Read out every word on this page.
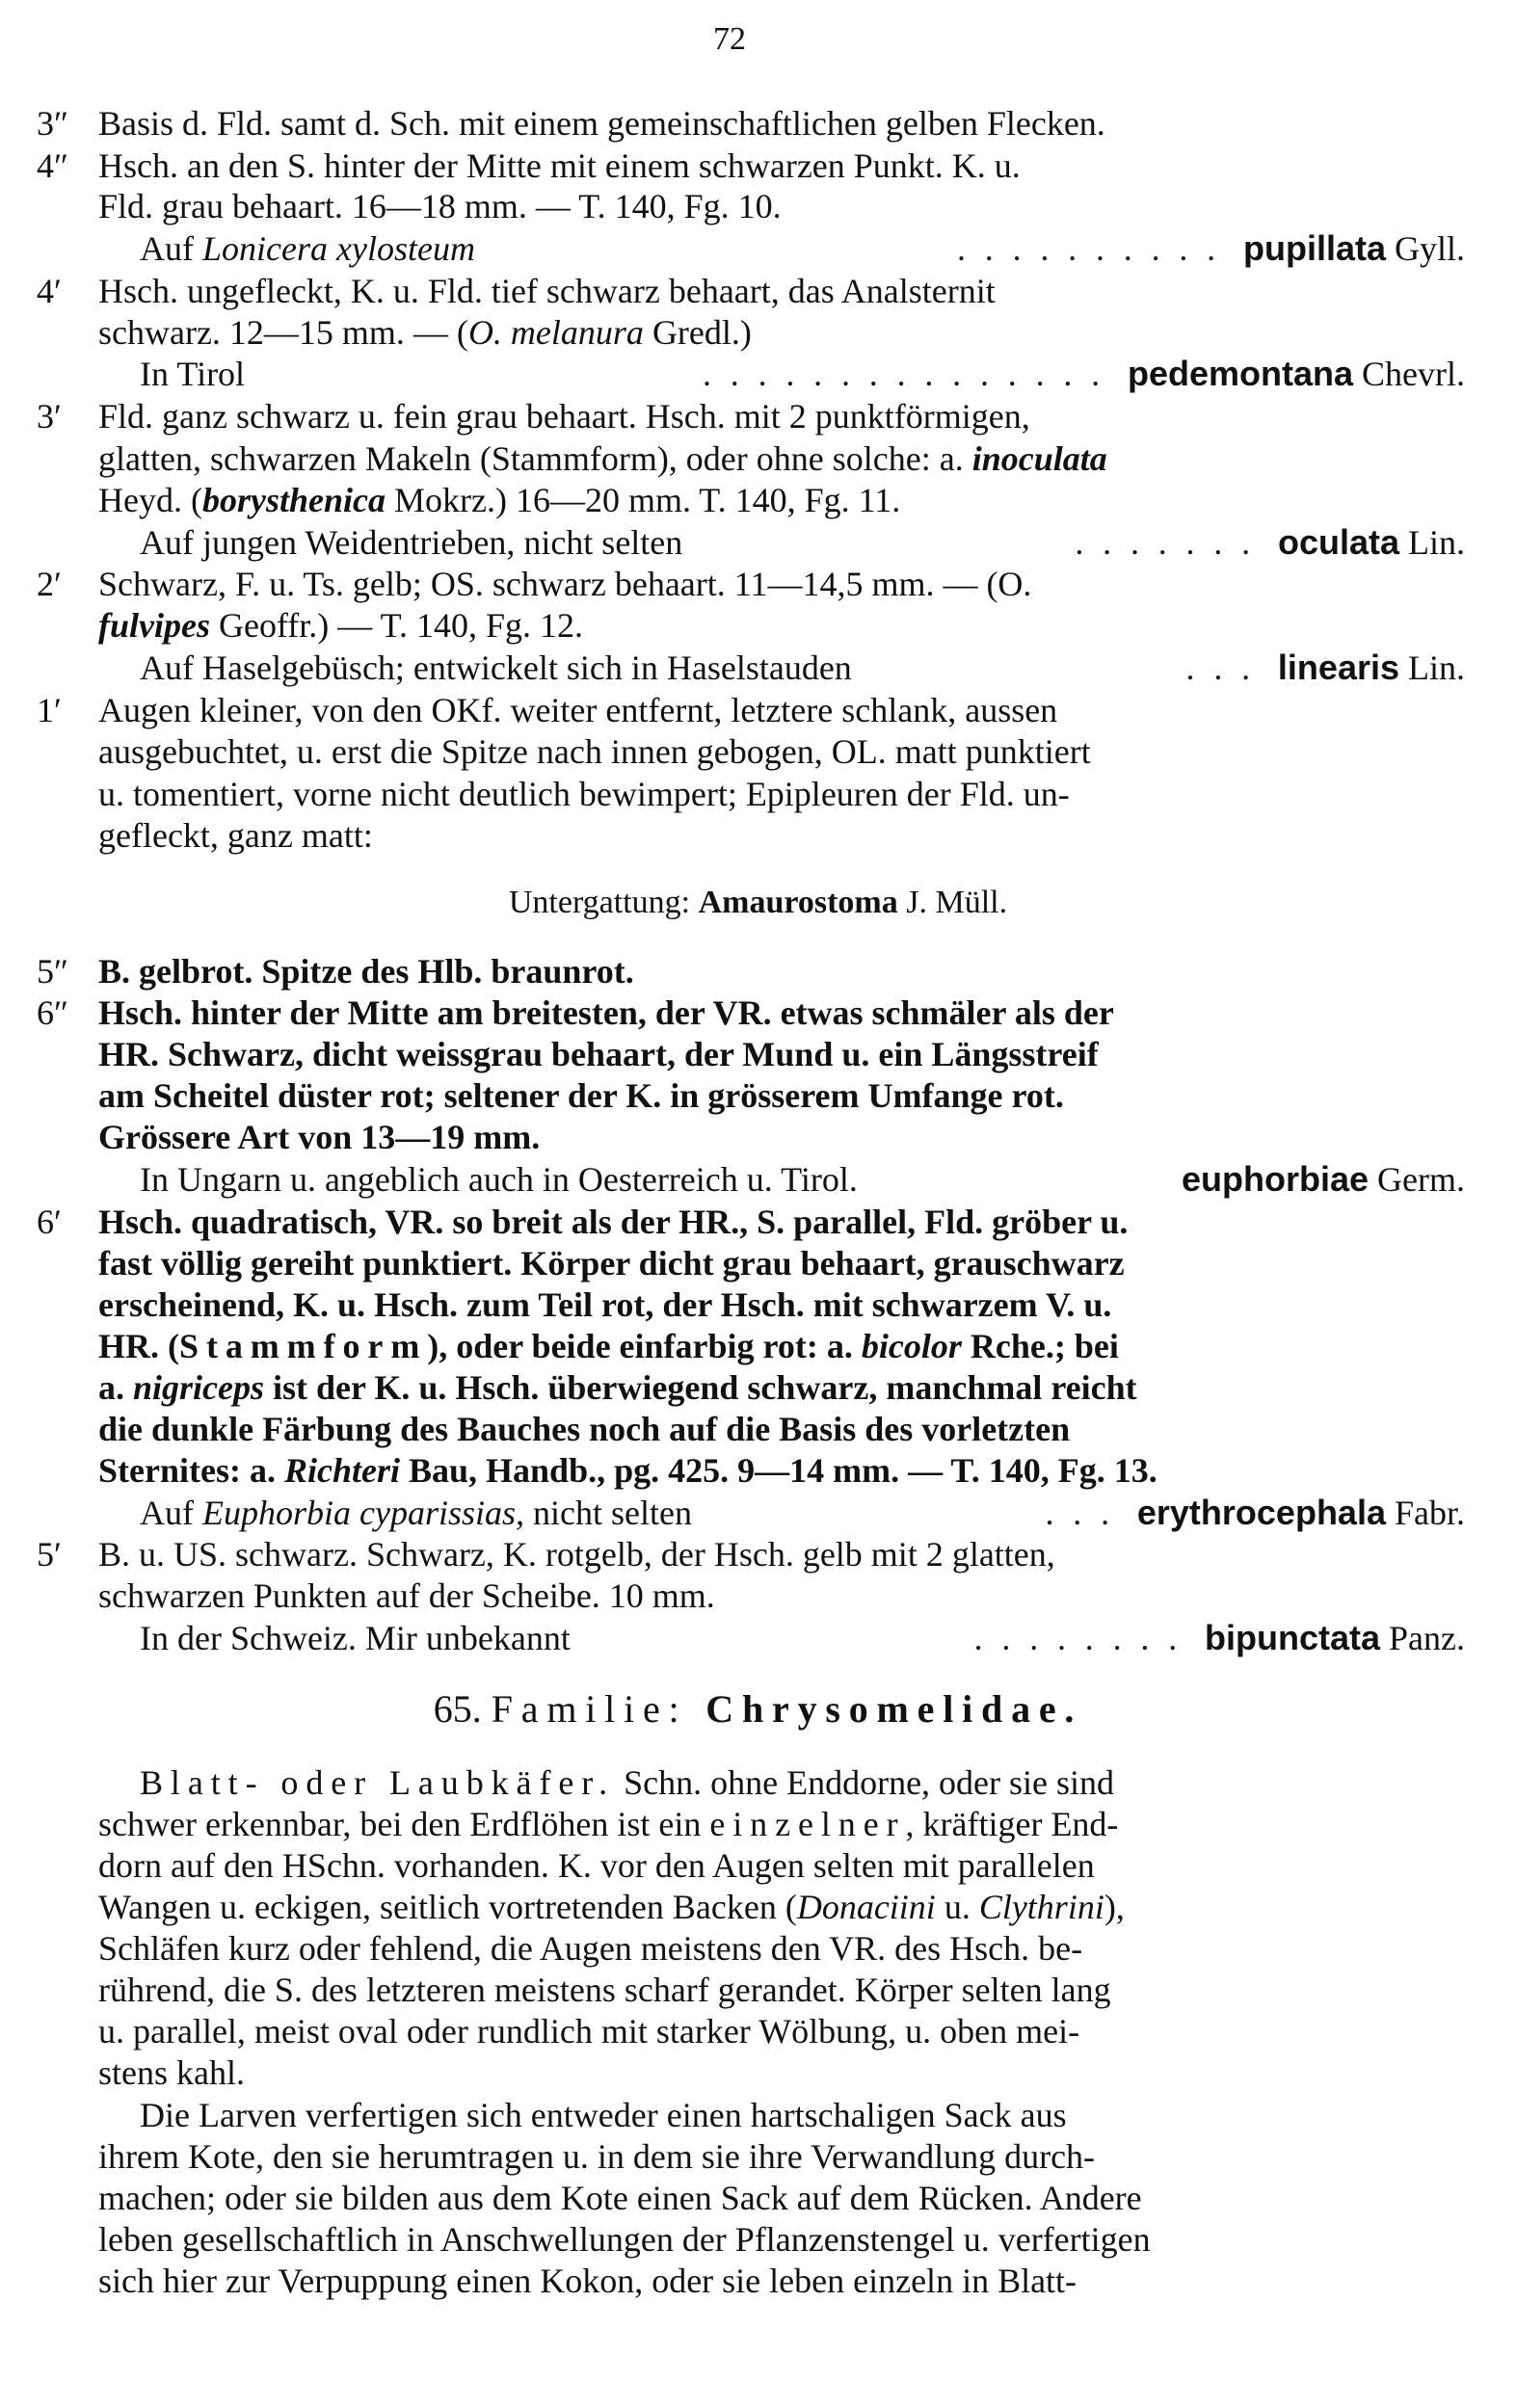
72
3″ Basis d. Fld. samt d. Sch. mit einem gemeinschaftlichen gelben Flecken.
4″ Hsch. an den S. hinter der Mitte mit einem schwarzen Punkt. K. u.
Fld. grau behaart. 16—18 mm. — T. 140, Fg. 10.
Auf Lonicera xylosteum	.......... pupillata Gyll.
4′	Hsch. ungefleckt, K. u. Fld. tief schwarz behaart, das Analsternit
schwarz. 12—15 mm. — (O. melanura Gredl.)
In Tirol	............... pedemontana Chevrl.
3′	Fld. ganz schwarz u. fein grau behaart. Hsch. mit 2 punktförmigen,
glatten, schwarzen Makeln (Stammform), oder ohne solche: a. inoculata
Heyd. (borysthenica Mokrz.) 16—20 mm. T. 140, Fg. 11.
Auf jungen Weidentrieben, nicht selten	....... oculata Lin.
2′	Schwarz, F. u. Ts. gelb; OS. schwarz behaart. 11—14,5 mm. — (O.
fulvipes Geoffr.) — T. 140, Fg. 12.
Auf Haselgebüsch; entwickelt sich in Haselstauden	... linearis Lin.
1′	Augen kleiner, von den OKf. weiter entfernt, letztere schlank, aussen
ausgebuchtet, u. erst die Spitze nach innen gebogen, OL. matt punktiert
u. tomentiert, vorne nicht deutlich bewimpert; Epipleuren der Fld. un-
gefleckt, ganz matt:
Untergattung: Amaurostoma J. Müll.
5″ B. gelbrot. Spitze des Hlb. braunrot.
6″ Hsch. hinter der Mitte am breitesten, der VR. etwas schmäler als der
HR. Schwarz, dicht weissgrau behaart, der Mund u. ein Längsstreif
am Scheitel düster rot; seltener der K. in grösserem Umfange rot.
Grössere Art von 13—19 mm.
In Ungarn u. angeblich auch in Oesterreich u. Tirol.	euphorbiae Germ.
6′	Hsch. quadratisch, VR. so breit als der HR., S. parallel, Fld. gröber u.
fast völlig gereiht punktiert. Körper dicht grau behaart, grauschwarz
erscheinend, K. u. Hsch. zum Teil rot, der Hsch. mit schwarzem V. u.
HR. (Stammform), oder beide einfarbig rot: a. bicolor Rche.; bei
a. nigriceps ist der K. u. Hsch. überwiegend schwarz, manchmal reicht
die dunkle Färbung des Bauches noch auf die Basis des vorletzten
Sternites: a. Richteri Bau, Handb., pg. 425. 9—14 mm. — T. 140, Fg. 13.
Auf Euphorbia cyparissias, nicht selten	... erythrocephala Fabr.
5′	B. u. US. schwarz. Schwarz, K. rotgelb, der Hsch. gelb mit 2 glatten,
schwarzen Punkten auf der Scheibe. 10 mm.
In der Schweiz. Mir unbekannt	........ bipunctata Panz.
65. Familie: Chrysomelidae.
Blatt- oder Laubkäfer. Schn. ohne Enddorne, oder sie sind
schwer erkennbar, bei den Erdflöhen ist ein einzelner, kräftiger End-
dorn auf den HSchn. vorhanden. K. vor den Augen selten mit parallelen
Wangen u. eckigen, seitlich vortretenden Backen (Donaciini u. Clythrini),
Schläfen kurz oder fehlend, die Augen meistens den VR. des Hsch. be-
rührend, die S. des letzteren meistens scharf gerandet. Körper selten lang
u. parallel, meist oval oder rundlich mit starker Wölbung, u. oben mei-
stens kahl.
Die Larven verfertigen sich entweder einen hartschaligen Sack aus
ihrem Kote, den sie herumtragen u. in dem sie ihre Verwandlung durch-
machen; oder sie bilden aus dem Kote einen Sack auf dem Rücken. Andere
leben gesellschaftlich in Anschwellungen der Pflanzenstengel u. verfertigen
sich hier zur Verpuppung einen Kokon, oder sie leben einzeln in Blatt-
